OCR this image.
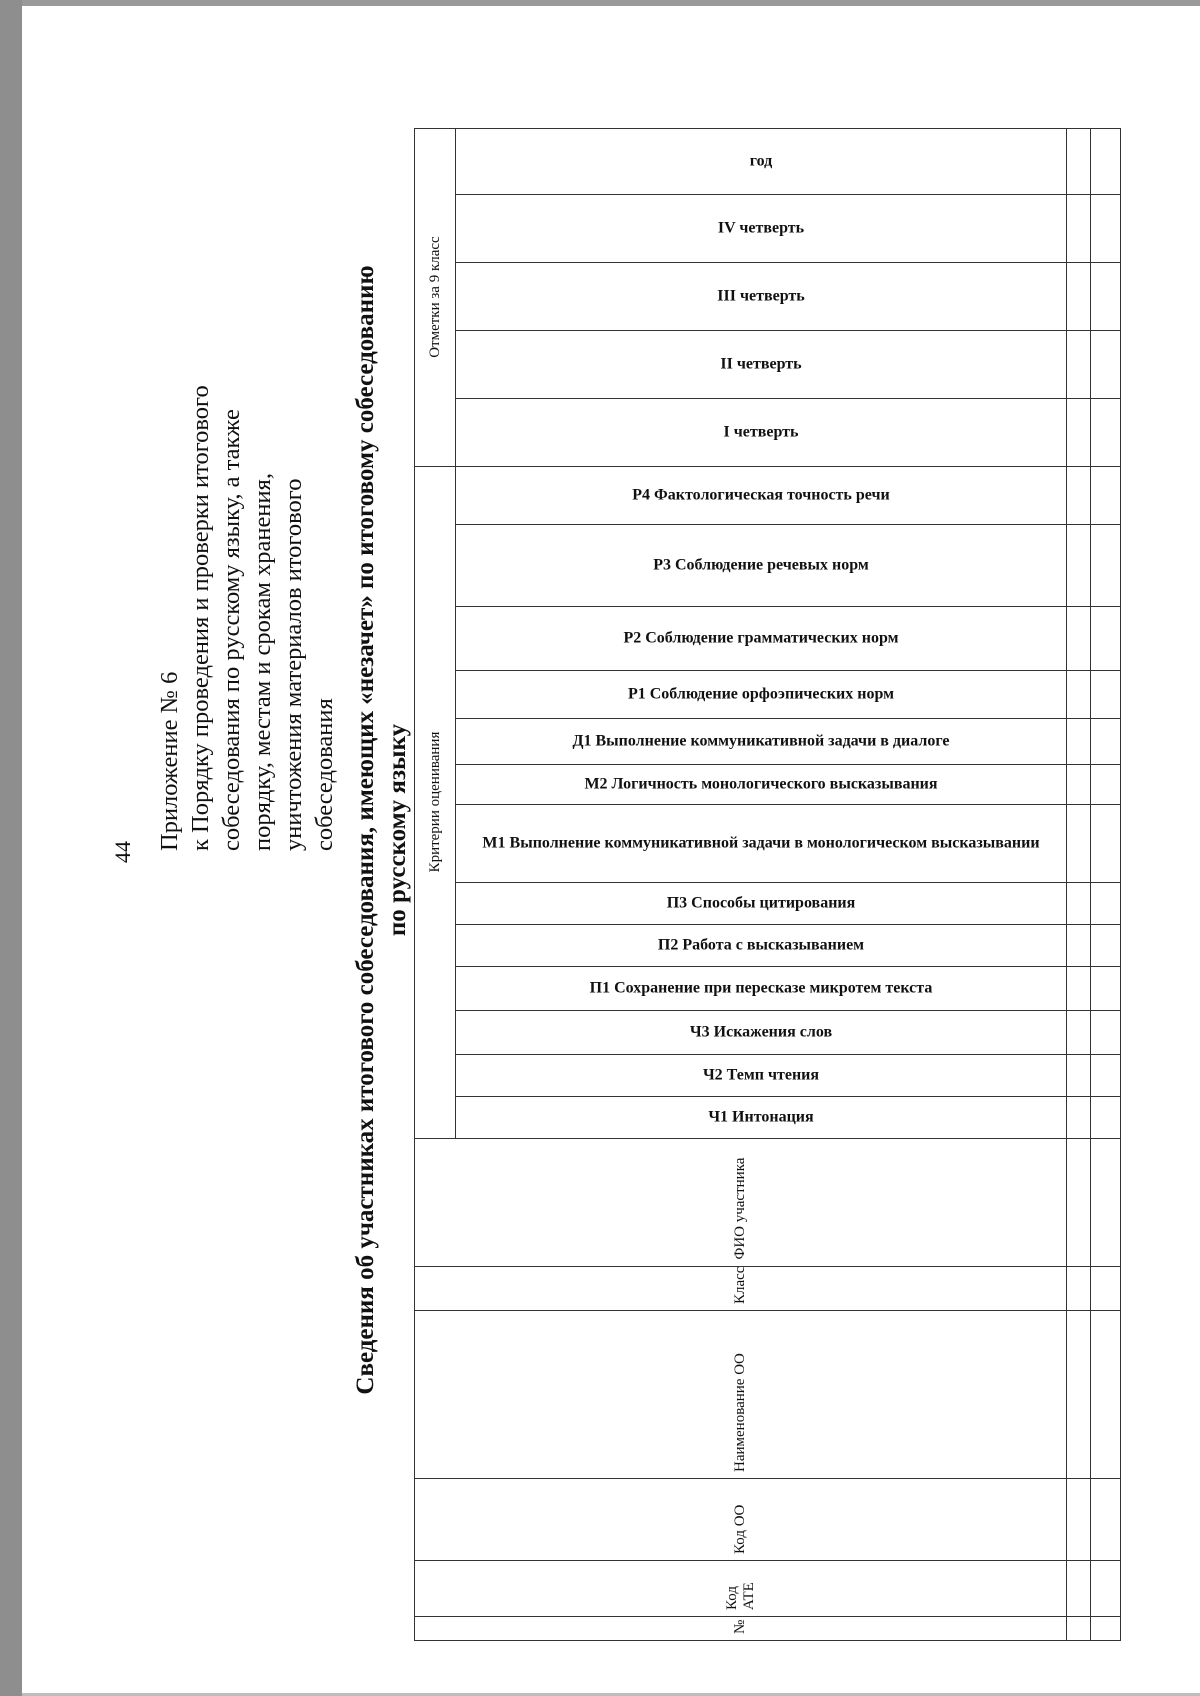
44
Приложение № 6 к Порядку проведения и проверки итогового собеседования по русскому языку, а также порядку, местам и срокам хранения, уничтожения материалов итогового собеседования Сведения об участниках итогового собеседования, имеющих «незачет» по итоговому собеседованию по русскому языку
№	Код АТЕ	Код ОО	Наименование ОО	Класс	ФИО участника	Критерии оценивания													Отметки за 9 класс				

						Ч1 Интонация	Ч2 Темп чтения	Ч3 Искажения слов	П1 Сохранение при пересказе микротем текста	П2 Работа с высказыванием	П3 Способы цитирования	М1 Выполнение коммуникативной задачи в монологическом высказывании	М2 Логичность монологического высказывания	Д1 Выполнение коммуникативной задачи в диалоге	Р1 Соблюдение орфоэпических норм	Р2 Соблюдение грамматических норм	Р3 Соблюдение речевых норм	Р4 Фактологическая точность речи	I четверть	II четверть	III четверть	IV четверть	год
